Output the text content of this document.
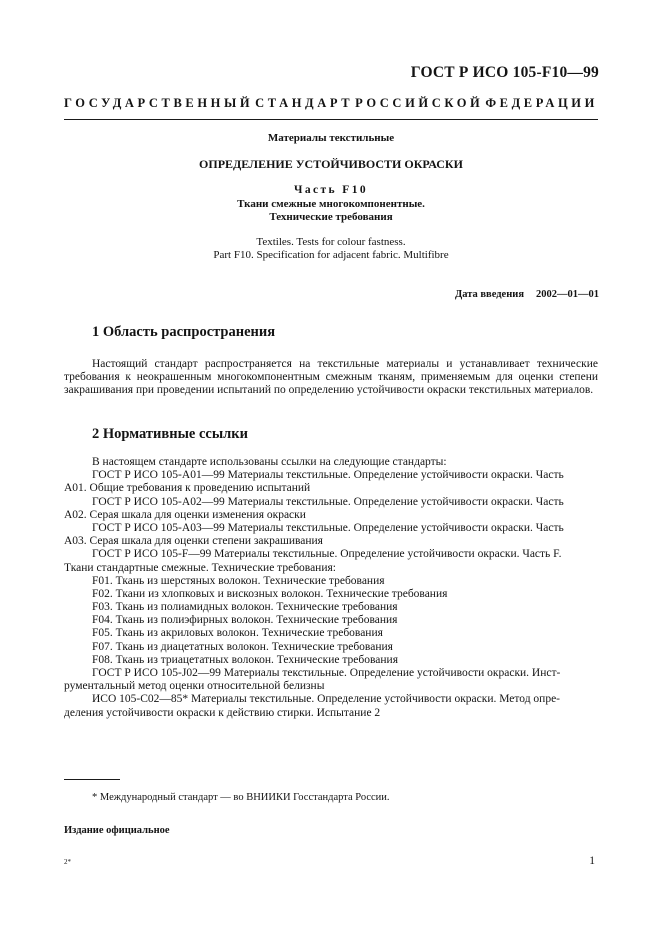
ГОСТ Р ИСО 105-F10—99
ГОСУДАРСТВЕННЫЙ СТАНДАРТ РОССИЙСКОЙ ФЕДЕРАЦИИ
Материалы текстильные
ОПРЕДЕЛЕНИЕ УСТОЙЧИВОСТИ ОКРАСКИ
Часть F10
Ткани смежные многокомпонентные.
Технические требования
Textiles. Tests for colour fastness.
Part F10. Specification for adjacent fabric. Multifibre
Дата введения 2002—01—01
1 Область распространения
Настоящий стандарт распространяется на текстильные материалы и устанавливает технические требования к неокрашенным многокомпонентным смежным тканям, применяемым для оценки степени закрашивания при проведении испытаний по определению устойчивости окраски текстильных материалов.
2 Нормативные ссылки
В настоящем стандарте использованы ссылки на следующие стандарты:
ГОСТ Р ИСО 105-А01—99 Материалы текстильные. Определение устойчивости окраски. Часть
А01. Общие требования к проведению испытаний
ГОСТ Р ИСО 105-А02—99 Материалы текстильные. Определение устойчивости окраски. Часть
А02. Серая шкала для оценки изменения окраски
ГОСТ Р ИСО 105-А03—99 Материалы текстильные. Определение устойчивости окраски. Часть
А03. Серая шкала для оценки степени закрашивания
ГОСТ Р ИСО 105-F—99 Материалы текстильные. Определение устойчивости окраски. Часть F.
Ткани стандартные смежные. Технические требования:
F01. Ткань из шерстяных волокон. Технические требования
F02. Ткани из хлопковых и вискозных волокон. Технические требования
F03. Ткань из полиамидных волокон. Технические требования
F04. Ткань из полиэфирных волокон. Технические требования
F05. Ткань из акриловых волокон. Технические требования
F07. Ткань из диацетатных волокон. Технические требования
F08. Ткань из триацетатных волокон. Технические требования
ГОСТ Р ИСО 105-J02—99 Материалы текстильные. Определение устойчивости окраски. Инст-
рументальный метод оценки относительной белизны
ИСО 105-С02—85* Материалы текстильные. Определение устойчивости окраски. Метод опре-
деления устойчивости окраски к действию стирки. Испытание 2
* Международный стандарт — во ВНИИКИ Госстандарта России.
Издание официальное
2*	1
